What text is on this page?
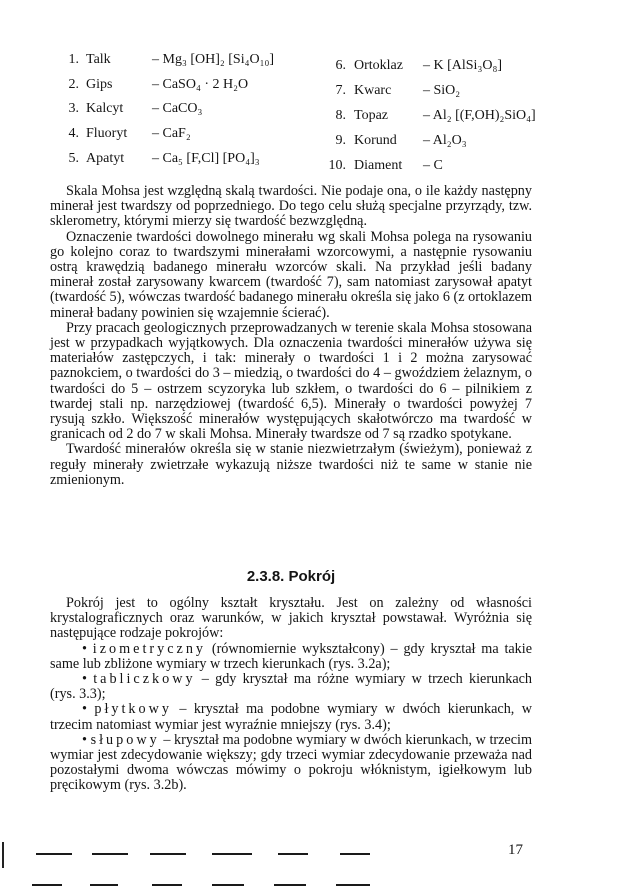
1. Talk	– Mg₃ [OH]₂ [Si₄O₁₀]
2. Gips	– CaSO₄ · 2 H₂O
3. Kalcyt – CaCO₃
4. Fluoryt – CaF₂
5. Apatyt – Ca₅ [F,Cl] [PO₄]₃
6. Ortoklaz – K [AlSi₃O₈]
7. Kwarc – SiO₂
8. Topaz – Al₂ [(F,OH)₂SiO₄]
9. Korund – Al₂O₃
10. Diament – C

Skala Mohsa jest względną skalą twardości. Nie podaje ona, o ile każdy następny minerał jest twardszy od poprzedniego. Do tego celu służą specjalne przyrządy, tzw. sklerometry, którymi mierzy się twardość bezwzględną.

Oznaczenie twardości dowolnego minerału wg skali Mohsa polega na rysowaniu go kolejno coraz to twardszymi minerałami wzorcowymi, a następnie rysowaniu ostrą krawędzią badanego minerału wzorców skali. Na przykład jeśli badany minerał został zarysowany kwarcem (twardość 7), sam natomiast zarysował apatyt (twardość 5), wówczas twardość badanego minerału określa się jako 6 (z ortoklazem minerał badany powinien się wzajemnie ścierać).

Przy pracach geologicznych przeprowadzanych w terenie skala Mohsa stosowana jest w przypadkach wyjątkowych. Dla oznaczenia twardości minerałów używa się materiałów zastępczych, i tak: minerały o twardości 1 i 2 można zarysować paznokciem, o twardości do 3 – miedzią, o twardości do 4 – gwoździem żelaznym, o twardości do 5 – ostrzem scyzoryka lub szkłem, o twardości do 6 – pilnikiem z twardej stali np. narzędziowej (twardość 6,5). Minerały o twardości powyżej 7 rysują szkło. Większość minerałów występujących skałotwórczo ma twardość w granicach od 2 do 7 w skali Mohsa. Minerały twardsze od 7 są rzadko spotykane.

Twardość minerałów określa się w stanie niezwietrzałym (świeżym), ponieważ z reguły minerały zwietrzałe wykazują niższe twardości niż te same w stanie nie zmienionym.

2.3.8. Pokrój

Pokrój jest to ogólny kształt kryształu. Jest on zależny od własności krystalograficznych oraz warunków, w jakich kryształ powstawał. Wyróżnia się następujące rodzaje pokrojów:

• izometryczny (równomiernie wykształcony) – gdy kryształ ma takie same lub zbliżone wymiary w trzech kierunkach (rys. 3.2a);

• tabliczkowy – gdy kryształ ma różne wymiary w trzech kierunkach (rys. 3.3);

• płytkowy – kryształ ma podobne wymiary w dwóch kierunkach, w trzecim natomiast wymiar jest wyraźnie mniejszy (rys. 3.4);

• słupowy – kryształ ma podobne wymiary w dwóch kierunkach, w trzecim wymiar jest zdecydowanie większy; gdy trzeci wymiar zdecydowanie przeważa nad pozostałymi dwoma wówczas mówimy o pokroju włóknistym, igiełkowym lub pręcikowym (rys. 3.2b).

17
